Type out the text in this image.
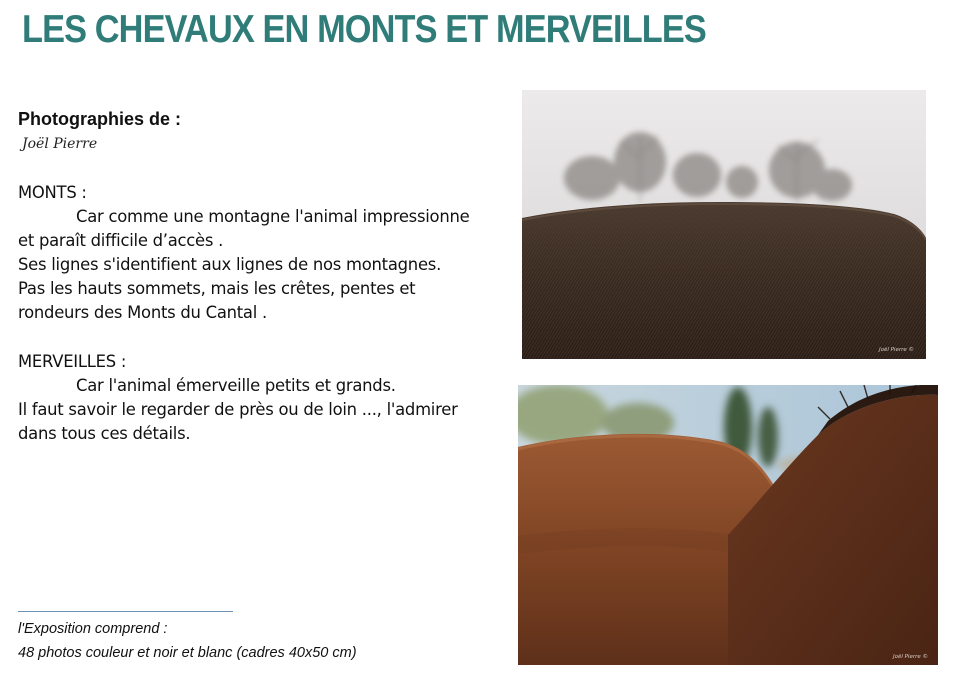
LES CHEVAUX EN MONTS ET MERVEILLES
Photographies de :
Joël Pierre
MONTS :
Car comme une montagne l'animal impressionne
et paraît difficile d’accès .
Ses lignes s'identifient aux lignes de nos montagnes.
Pas les hauts sommets, mais les crêtes, pentes et
rondeurs des Monts du Cantal .
MERVEILLES :
Car l'animal émerveille petits et grands.
Il faut savoir le regarder de près ou de loin ..., l'admirer
dans tous ces détails.
l'Exposition comprend :
48 photos couleur et noir et blanc (cadres 40x50 cm)
Joël Pierre ©
Joël Pierre ©
